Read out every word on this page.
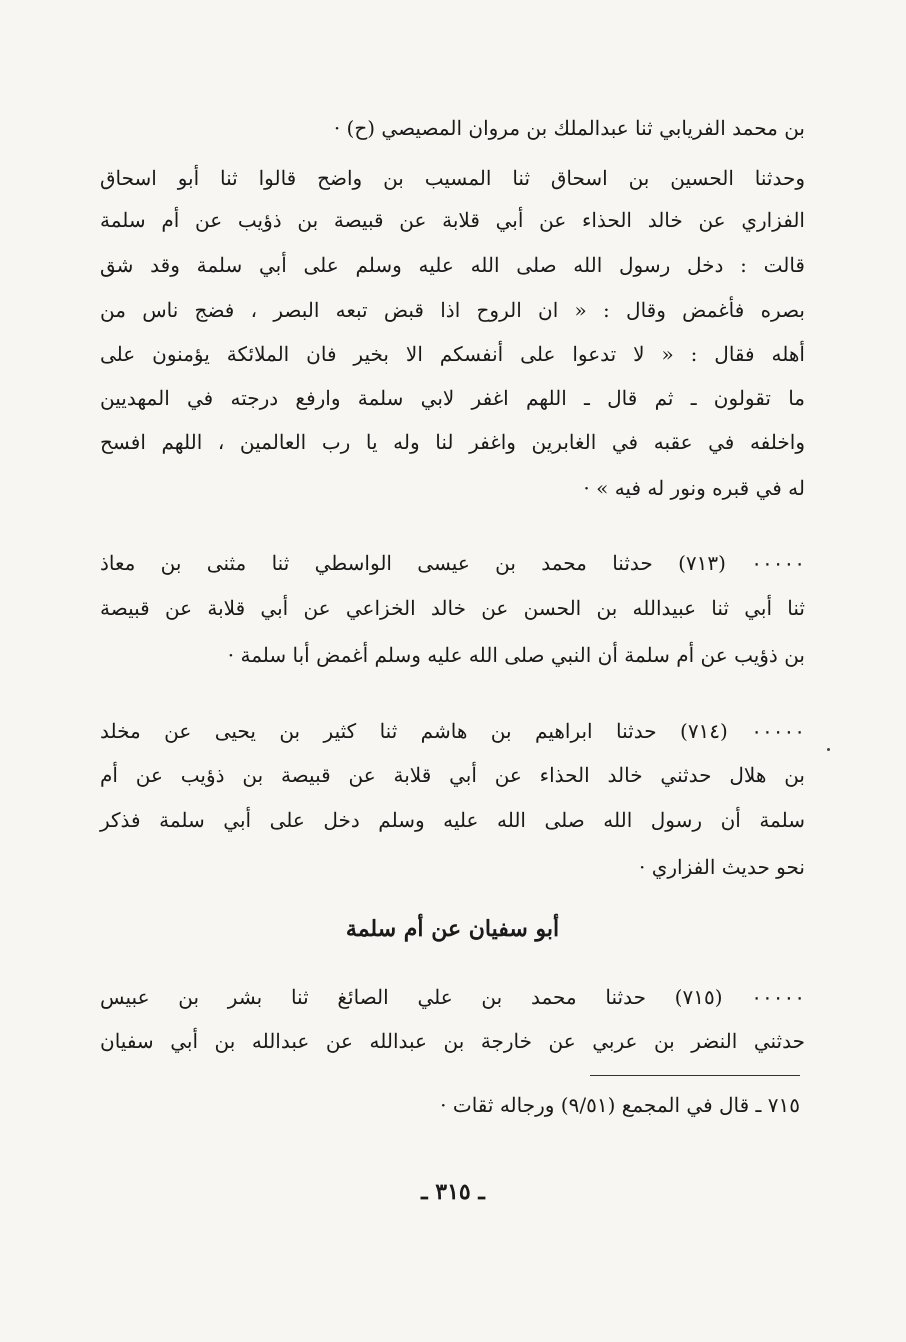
بن محمد الفريابي ثنا عبدالملك بن مروان المصيصي (ح) ·
وحدثنا الحسين بن اسحاق ثنا المسيب بن واضح قالوا ثنا أبو اسحاق
الفزاري عن خالد الحذاء عن أبي قلابة عن قبيصة بن ذؤيب عن أم سلمة
قالت : دخل رسول الله صلى الله عليه وسلم على أبي سلمة وقد شق
بصره فأغمض وقال : « ان الروح اذا قبض تبعه البصر ، فضج ناس من
أهله فقال : « لا تدعوا على أنفسكم الا بخير فان الملائكة يؤمنون على
ما تقولون ـ ثم قال ـ اللهم اغفر لابي سلمة وارفع درجته في المهديين
واخلفه في عقبه في الغابرين واغفر لنا وله يا رب العالمين ، اللهم افسح
له في قبره ونور له فيه » ·
٠٠٠٠٠ (٧١٣) حدثنا محمد بن عيسى الواسطي ثنا مثنى بن معاذ
ثنا أبي ثنا عبيدالله بن الحسن عن خالد الخزاعي عن أبي قلابة عن قبيصة
بن ذؤيب عن أم سلمة أن النبي صلى الله عليه وسلم أغمض أبا سلمة ·
٠٠٠٠٠ (٧١٤) حدثنا ابراهيم بن هاشم ثنا كثير بن يحيى عن مخلد
بن هلال حدثني خالد الحذاء عن أبي قلابة عن قبيصة بن ذؤيب عن أم
سلمة أن رسول الله صلى الله عليه وسلم دخل على أبي سلمة فذكر
نحو حديث الفزاري ·
أبو سفيان عن أم سلمة
٠٠٠٠٠ (٧١٥) حدثنا محمد بن علي الصائغ ثنا بشر بن عبيس
حدثني النضر بن عربي عن خارجة بن عبدالله عن عبدالله بن أبي سفيان
٧١٥ ـ قال في المجمع (٩/٥١) ورجاله ثقات ·
ـ ٣١٥ ـ
